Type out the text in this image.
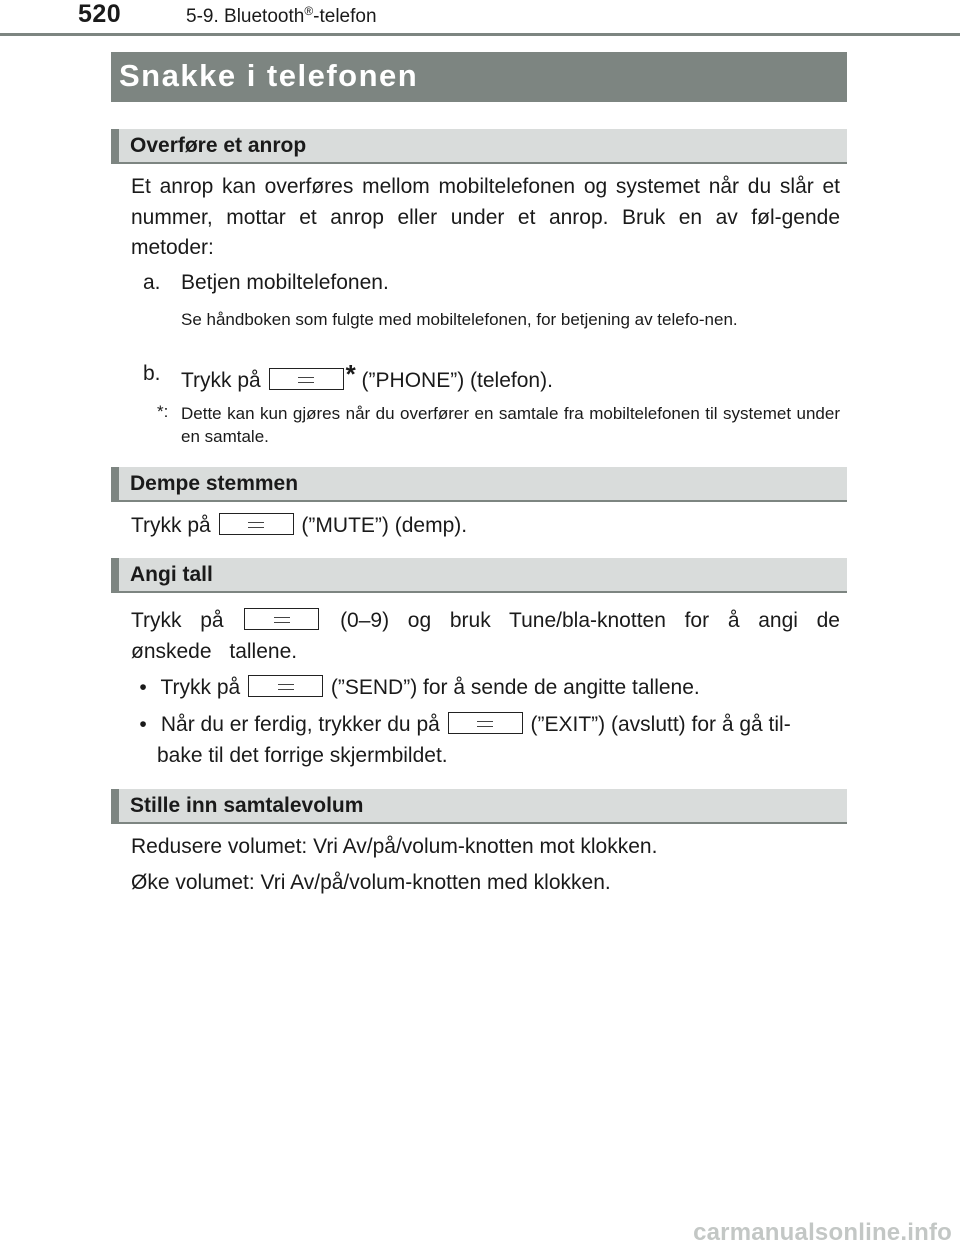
520	5-9. Bluetooth®-telefon
Snakke i telefonen
Overføre et anrop
Et anrop kan overføres mellom mobiltelefonen og systemet når du slår et nummer, mottar et anrop eller under et anrop. Bruk en av føl-gende metoder:
a. Betjen mobiltelefonen.
Se håndboken som fulgte med mobiltelefonen, for betjening av telefo-nen.
b. Trykk på	* (”PHONE”) (telefon).
*: Dette kan kun gjøres når du overfører en samtale fra mobiltelefonen til systemet under en samtale.
Dempe stemmen
Trykk på	(”MUTE”) (demp).
Angi tall
Trykk på	(0–9) og bruk Tune/bla-knotten for å angi de ønskede tallene.
• Trykk på	(”SEND”) for å sende de angitte tallene.
• Når du er ferdig, trykker du på	(”EXIT”) (avslutt) for å gå til-
bake til det forrige skjermbildet.
Stille inn samtalevolum
Redusere volumet: Vri Av/på/volum-knotten mot klokken.
Øke volumet: Vri Av/på/volum-knotten med klokken.
carmanualsonline.info
